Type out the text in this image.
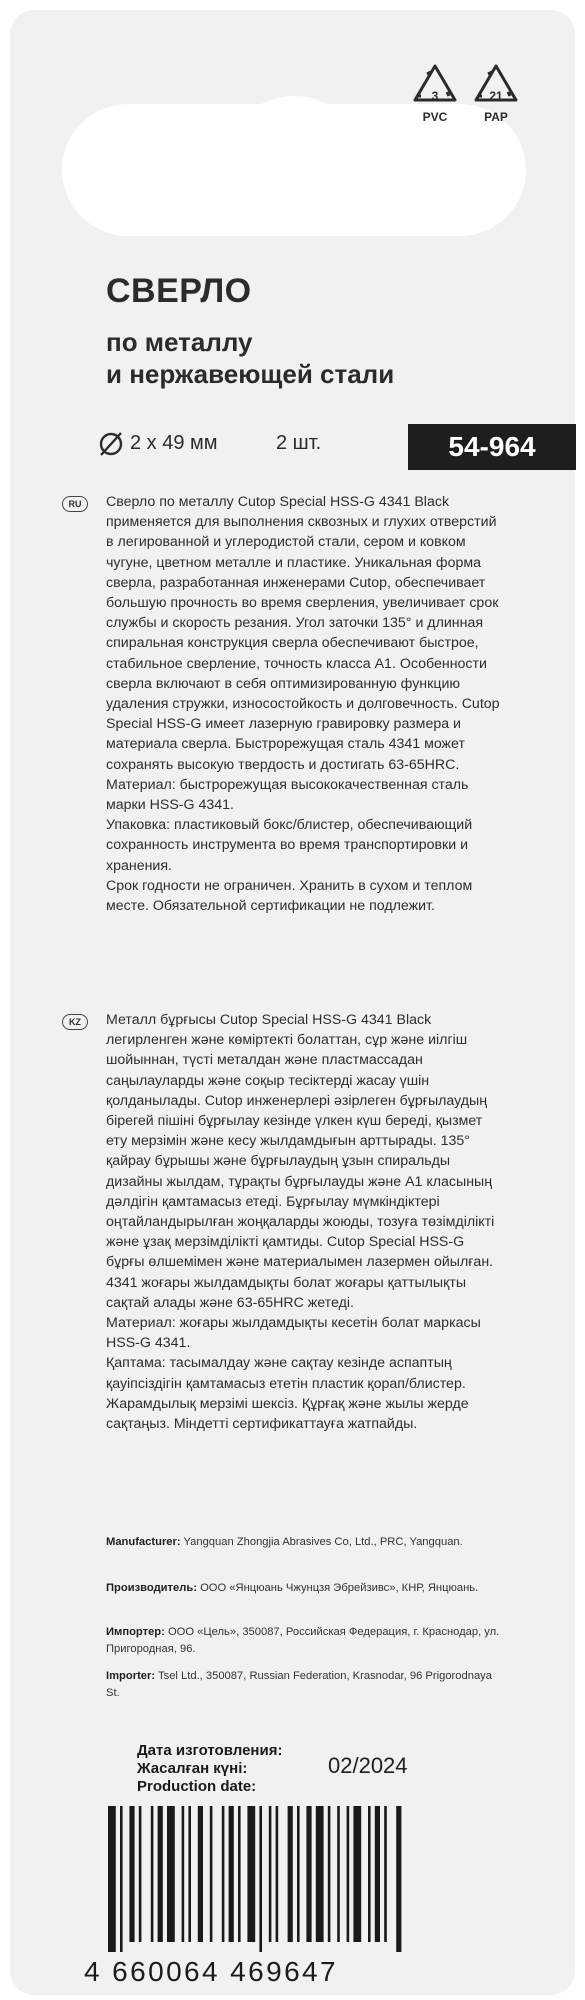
3
PVC
21
PAP
СВЕРЛО
по металлу
и нержавеющей стали
2 х 49 мм	2 шт.	54-964
RU	Сверло по металлу Cutop Special HSS-G 4341 Black применяется для выполнения сквозных и глухих отверстий в легированной и углеродистой стали, сером и ковком чугуне, цветном металле и пластике. Уникальная форма сверла, разработанная инженерами Cutop, обеспечивает большую прочность во время сверления, увеличивает срок службы и скорость резания. Угол заточки 135° и длинная спиральная конструкция сверла обеспечивают быстрое, стабильное сверление, точность класса А1. Особенности сверла включают в себя оптимизированную функцию удаления стружки, износостойкость и долговечность. Cutop Special HSS-G имеет лазерную гравировку размера и материала сверла. Быстрорежущая сталь 4341 может сохранять высокую твердость и достигать 63-65HRC.

Материал: быстрорежущая высококачественная сталь марки HSS-G 4341.

Упаковка: пластиковый бокс/блистер, обеспечивающий сохранность инструмента во время транспортировки и хранения.

Срок годности не ограничен. Хранить в сухом и теплом месте. Обязательной сертификации не подлежит.

KZ	Металл бұрғысы Cutop Special HSS-G 4341 Black легирленген және көміртекті болаттан, сұр және иілгіш шойыннан, түсті металдан және пластмассадан саңылауларды және соқыр тесіктерді жасау үшін қолданылады. Cutop инженерлері әзірлеген бұрғылаудың бірегей пішіні бұрғылау кезінде үлкен күш береді, қызмет ету мерзімін және кесу жылдамдығын арттырады. 135° қайрау бұрышы және бұрғылаудың ұзын спиральды дизайны жылдам, тұрақты бұрғылауды және А1 класының дәлдігін қамтамасыз етеді. Бұрғылау мүмкіндіктері оңтайландырылған жоңқаларды жоюды, тозуға төзімділікті және ұзақ мерзімділікті қамтиды. Cutop Special HSS-G бұрғы өлшемімен және материалымен лазермен ойылған. 4341 жоғары жылдамдықты болат жоғары қаттылықты сақтай алады және 63-65HRC жетеді.

Материал: жоғары жылдамдықты кесетін болат маркасы HSS-G 4341.

Қаптама: тасымалдау және сақтау кезінде аспаптың қауіпсіздігін қамтамасыз ететін пластик қорап/блистер.

Жарамдылық мерзімі шексіз. Құрғақ және жылы жерде сақтаңыз. Міндетті сертификаттауға жатпайды.

Manufacturer: Yangquan Zhongjia Abrasives Co, Ltd., PRC, Yangquan.
Производитель: ООО «Янцюань Чжунцзя Эбрейзивс», КНР, Янцюань.
Импортер: ООО «Цель», 350087, Российская Федерация, г. Краснодар, ул. Пригородная, 96.
Importer: Tsel Ltd., 350087, Russian Federation, Krasnodar, 96 Prigorodnaya St.
Дата изготовления:
Жасалған күні:
Production date:
02/2024
4 660064 469647
